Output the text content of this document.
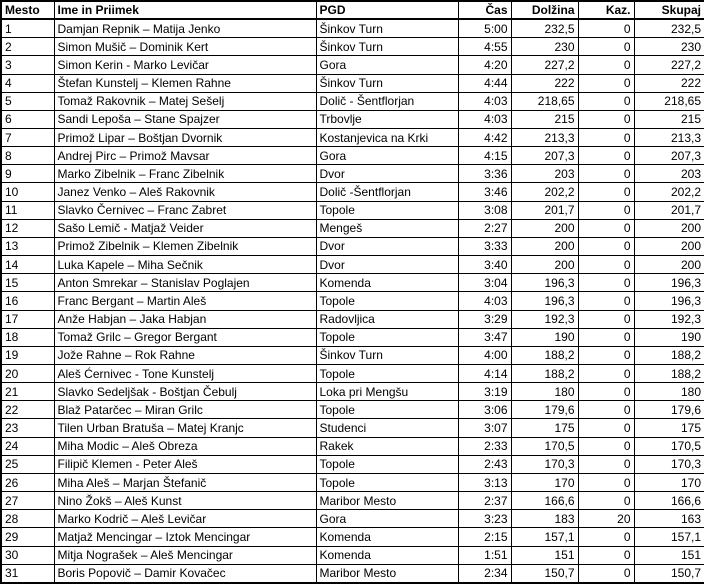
Mesto	Ime in Priimek	PGD	Čas	Dolžina	Kaz.	Skupaj
1	Damjan Repnik – Matija Jenko	Šinkov Turn	5:00	232,5	0	232,5
2	Simon Mušič – Dominik Kert	Šinkov Turn	4:55	230	0	230
3	Simon Kerin - Marko Levičar	Gora	4:20	227,2	0	227,2
4	Štefan Kunstelj – Klemen Rahne	Šinkov Turn	4:44	222	0	222
5	Tomaž Rakovnik – Matej Sešelj	Dolič - Šentflorjan	4:03	218,65	0	218,65
6	Sandi Lepoša – Stane Spajzer	Trbovlje	4:03	215	0	215
7	Primož Lipar – Boštjan Dvornik	Kostanjevica na Krki	4:42	213,3	0	213,3
8	Andrej Pirc – Primož Mavsar	Gora	4:15	207,3	0	207,3
9	Marko Zibelnik – Franc Zibelnik	Dvor	3:36	203	0	203
10	Janez Venko – Aleš Rakovnik	Dolič -Šentflorjan	3:46	202,2	0	202,2
11	Slavko Černivec – Franc Zabret	Topole	3:08	201,7	0	201,7
12	Sašo Lemič - Matjaž Veider	Mengeš	2:27	200	0	200
13	Primož Zibelnik – Klemen Zibelnik	Dvor	3:33	200	0	200
14	Luka Kapele – Miha Sečnik	Dvor	3:40	200	0	200
15	Anton Smrekar – Stanislav Poglajen	Komenda	3:04	196,3	0	196,3
16	Franc Bergant – Martin Aleš	Topole	4:03	196,3	0	196,3
17	Anže Habjan – Jaka Habjan	Radovljica	3:29	192,3	0	192,3
18	Tomaž Grilc – Gregor Bergant	Topole	3:47	190	0	190
19	Jože Rahne – Rok Rahne	Šinkov Turn	4:00	188,2	0	188,2
20	Aleš Ćernivec - Tone Kunstelj	Topole	4:14	188,2	0	188,2
21	Slavko Sedeljšak - Boštjan Čebulj	Loka pri Mengšu	3:19	180	0	180
22	Blaž Patarčec – Miran Grilc	Topole	3:06	179,6	0	179,6
23	Tilen Urban Bratuša – Matej Kranjc	Studenci	3:07	175	0	175
24	Miha Modic – Aleš Obreza	Rakek	2:33	170,5	0	170,5
25	Filipič Klemen - Peter Aleš	Topole	2:43	170,3	0	170,3
26	Miha Aleš – Marjan Štefanič	Topole	3:13	170	0	170
27	Nino Žokš – Aleš Kunst	Maribor Mesto	2:37	166,6	0	166,6
28	Marko Kodrič – Aleš Levičar	Gora	3:23	183	20	163
29	Matjaž Mencingar – Iztok Mencingar	Komenda	2:15	157,1	0	157,1
30	Mitja Nograšek – Aleš Mencingar	Komenda	1:51	151	0	151
31	Boris Popovič – Damir Kovačec	Maribor Mesto	2:34	150,7	0	150,7
